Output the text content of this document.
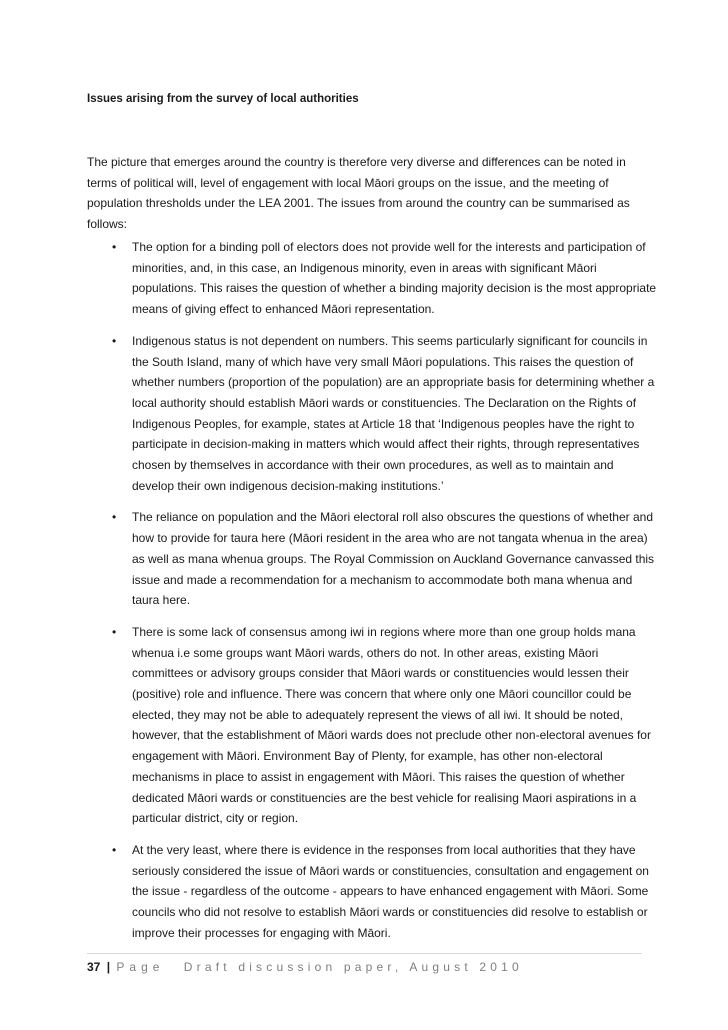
Issues arising from the survey of local authorities
The picture that emerges around the country is therefore very diverse and differences can be noted in terms of political will, level of engagement with local Māori groups on the issue, and the meeting of population thresholds under the LEA 2001. The issues from around the country can be summarised as follows:
• The option for a binding poll of electors does not provide well for the interests and participation of minorities, and, in this case, an Indigenous minority, even in areas with significant Māori populations. This raises the question of whether a binding majority decision is the most appropriate means of giving effect to enhanced Māori representation.
• Indigenous status is not dependent on numbers. This seems particularly significant for councils in the South Island, many of which have very small Māori populations. This raises the question of whether numbers (proportion of the population) are an appropriate basis for determining whether a local authority should establish Māori wards or constituencies. The Declaration on the Rights of Indigenous Peoples, for example, states at Article 18 that ‘Indigenous peoples have the right to participate in decision-making in matters which would affect their rights, through representatives chosen by themselves in accordance with their own procedures, as well as to maintain and develop their own indigenous decision-making institutions.’
• The reliance on population and the Māori electoral roll also obscures the questions of whether and how to provide for taura here (Māori resident in the area who are not tangata whenua in the area) as well as mana whenua groups. The Royal Commission on Auckland Governance canvassed this issue and made a recommendation for a mechanism to accommodate both mana whenua and taura here.
• There is some lack of consensus among iwi in regions where more than one group holds mana whenua i.e some groups want Māori wards, others do not. In other areas, existing Māori committees or advisory groups consider that Māori wards or constituencies would lessen their (positive) role and influence. There was concern that where only one Māori councillor could be elected, they may not be able to adequately represent the views of all iwi. It should be noted, however, that the establishment of Māori wards does not preclude other non-electoral avenues for engagement with Māori. Environment Bay of Plenty, for example, has other non-electoral mechanisms in place to assist in engagement with Māori. This raises the question of whether dedicated Māori wards or constituencies are the best vehicle for realising Maori aspirations in a particular district, city or region.
• At the very least, where there is evidence in the responses from local authorities that they have seriously considered the issue of Māori wards or constituencies, consultation and engagement on the issue - regardless of the outcome - appears to have enhanced engagement with Māori. Some councils who did not resolve to establish Māori wards or constituencies did resolve to establish or improve their processes for engaging with Māori.
37 | Page Draft discussion paper, August 2010
